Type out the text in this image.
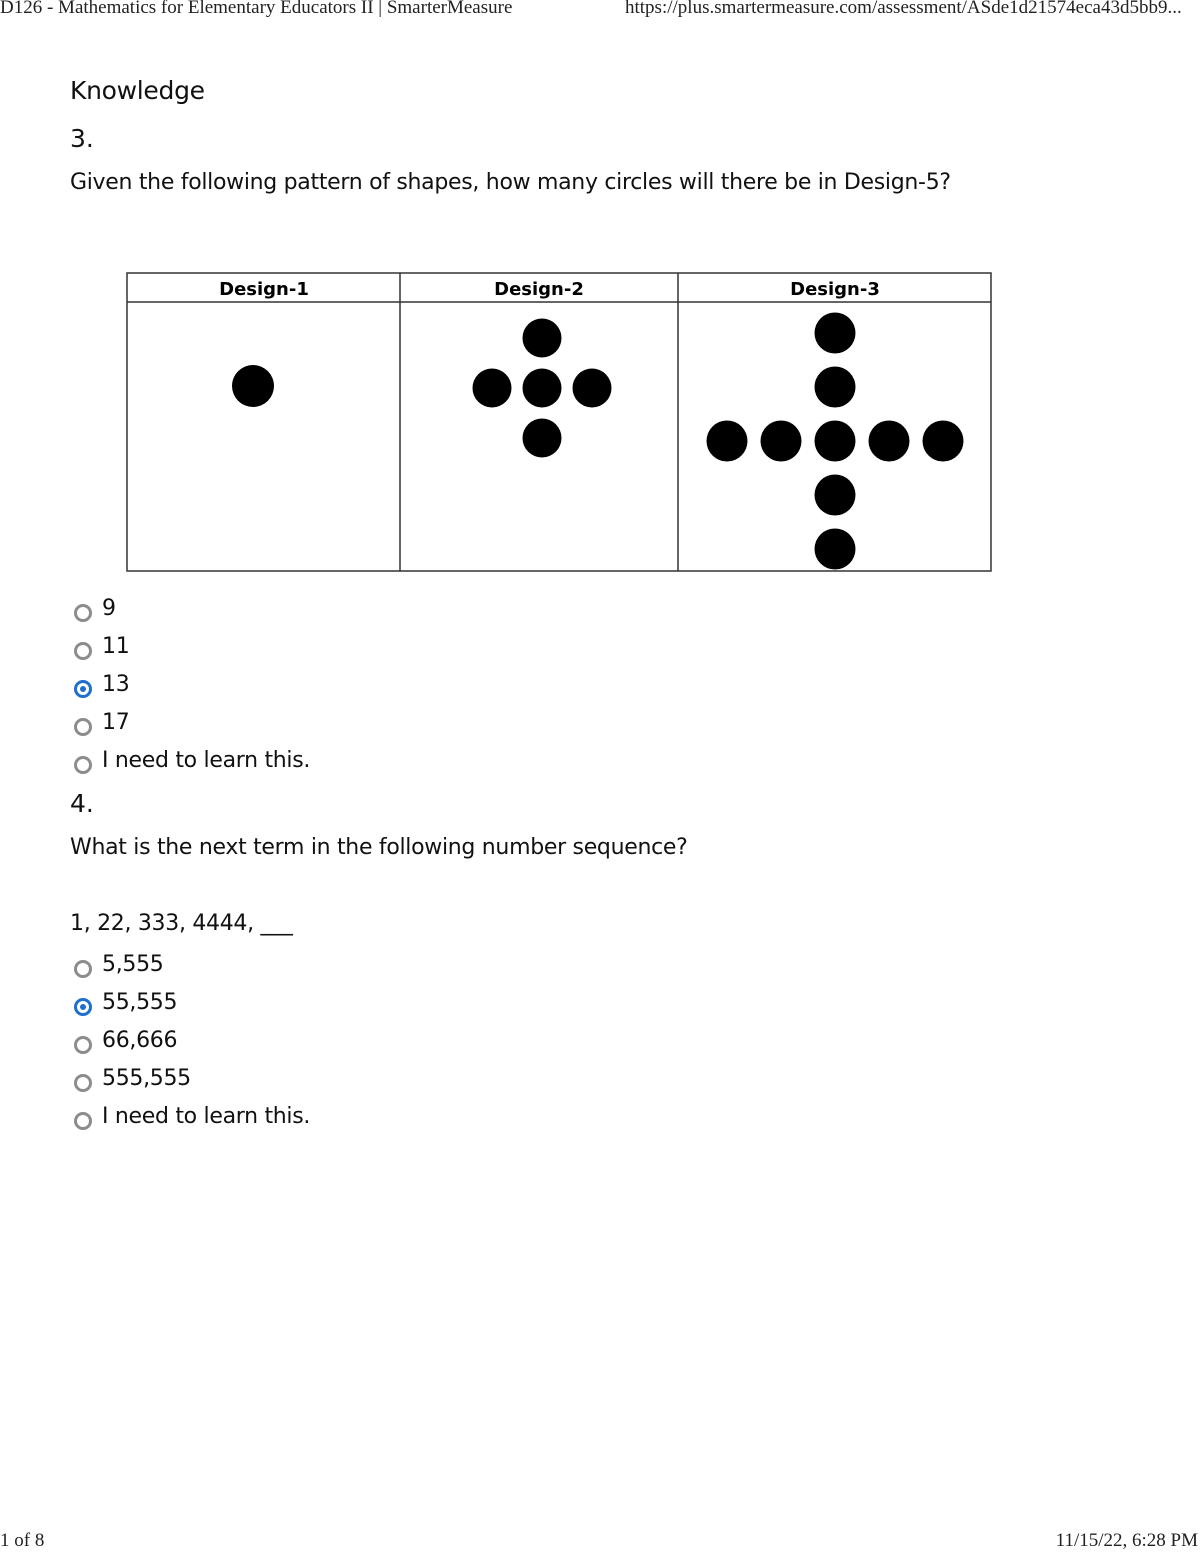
D126 - Mathematics for Elementary Educators II | SmarterMeasure	https://plus.smartermeasure.com/assessment/ASde1d21574eca43d5bb9...
Knowledge
3.
Given the following pattern of shapes, how many circles will there be in Design-5?
4.
What is the next term in the following number sequence?
1, 22, 333, 4444, ___
Design-1	Design-2	Design-3
9
11
13
17
I need to learn this.
5,555
55,555
66,666
555,555
I need to learn this.
1 of 8	11/15/22, 6:28 PM
